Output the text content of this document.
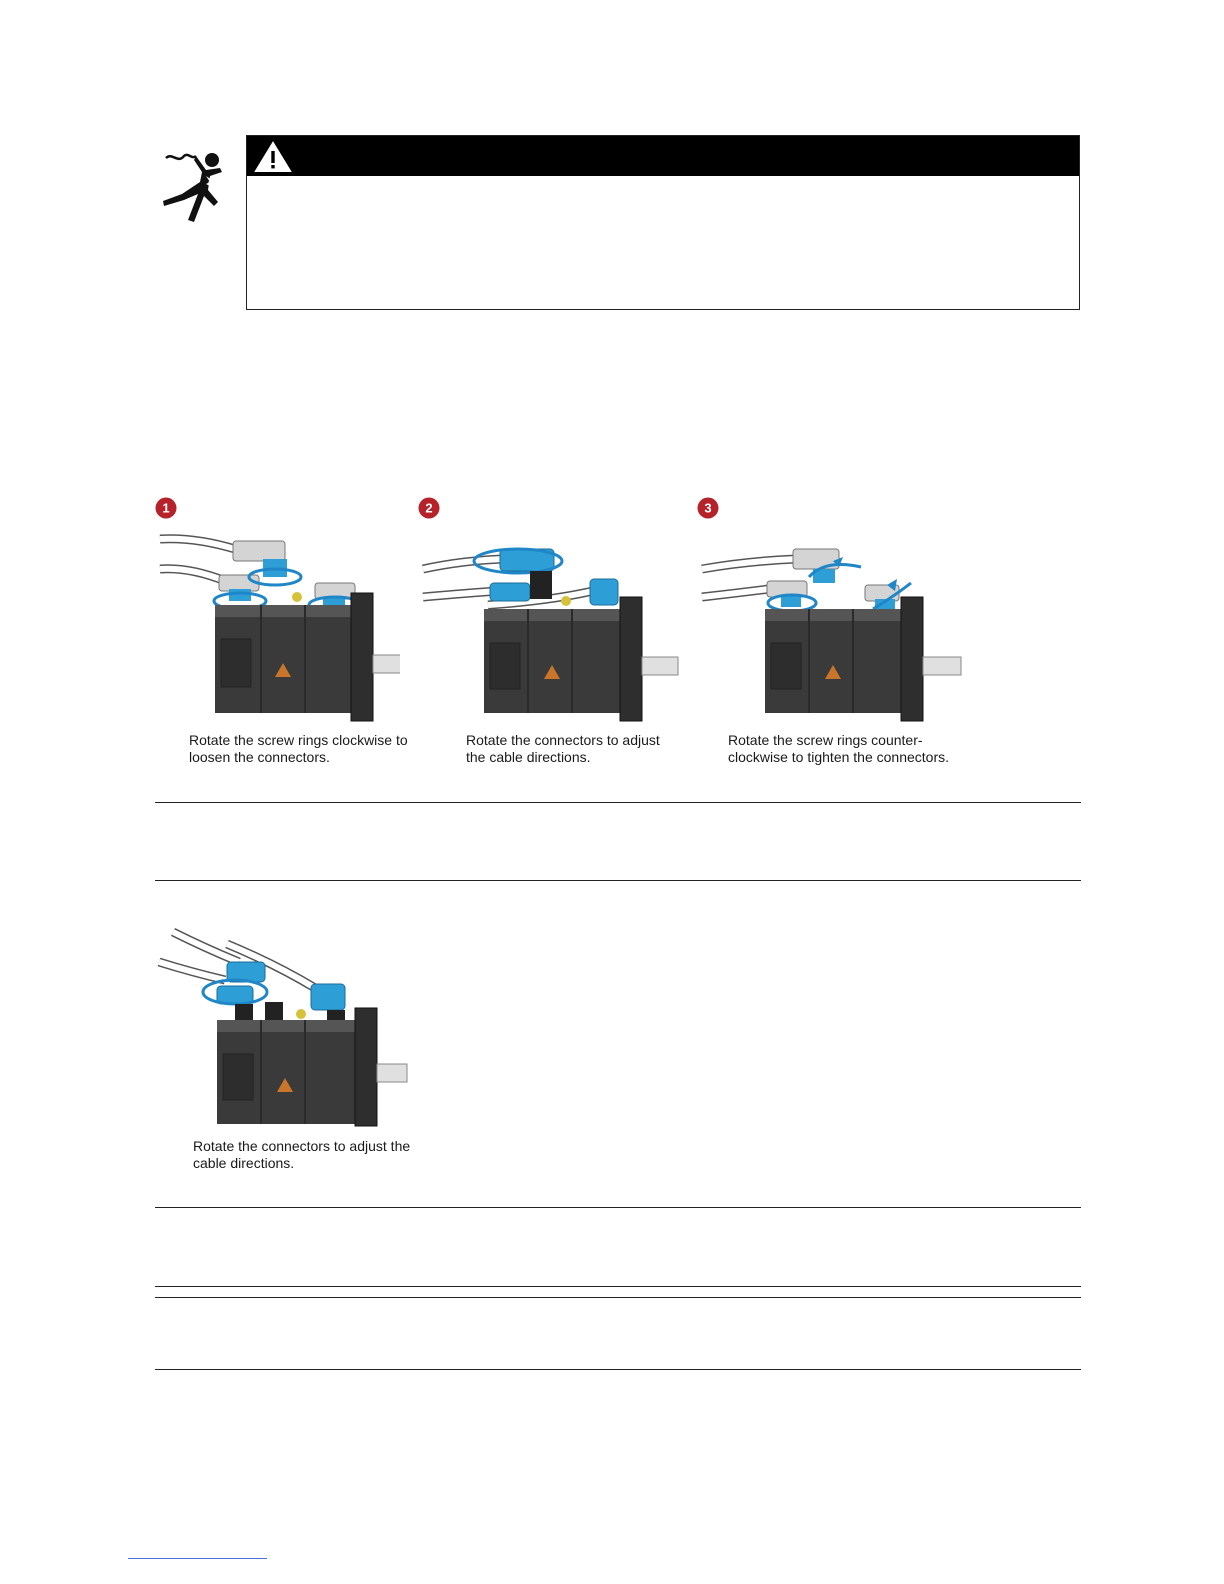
1
Rotate the screw rings clockwise to
loosen the connectors.
2
Rotate the connectors to adjust
the cable directions.
3
Rotate the screw rings counter-
clockwise to tighten the connectors.
Rotate the connectors to adjust the
cable directions.
